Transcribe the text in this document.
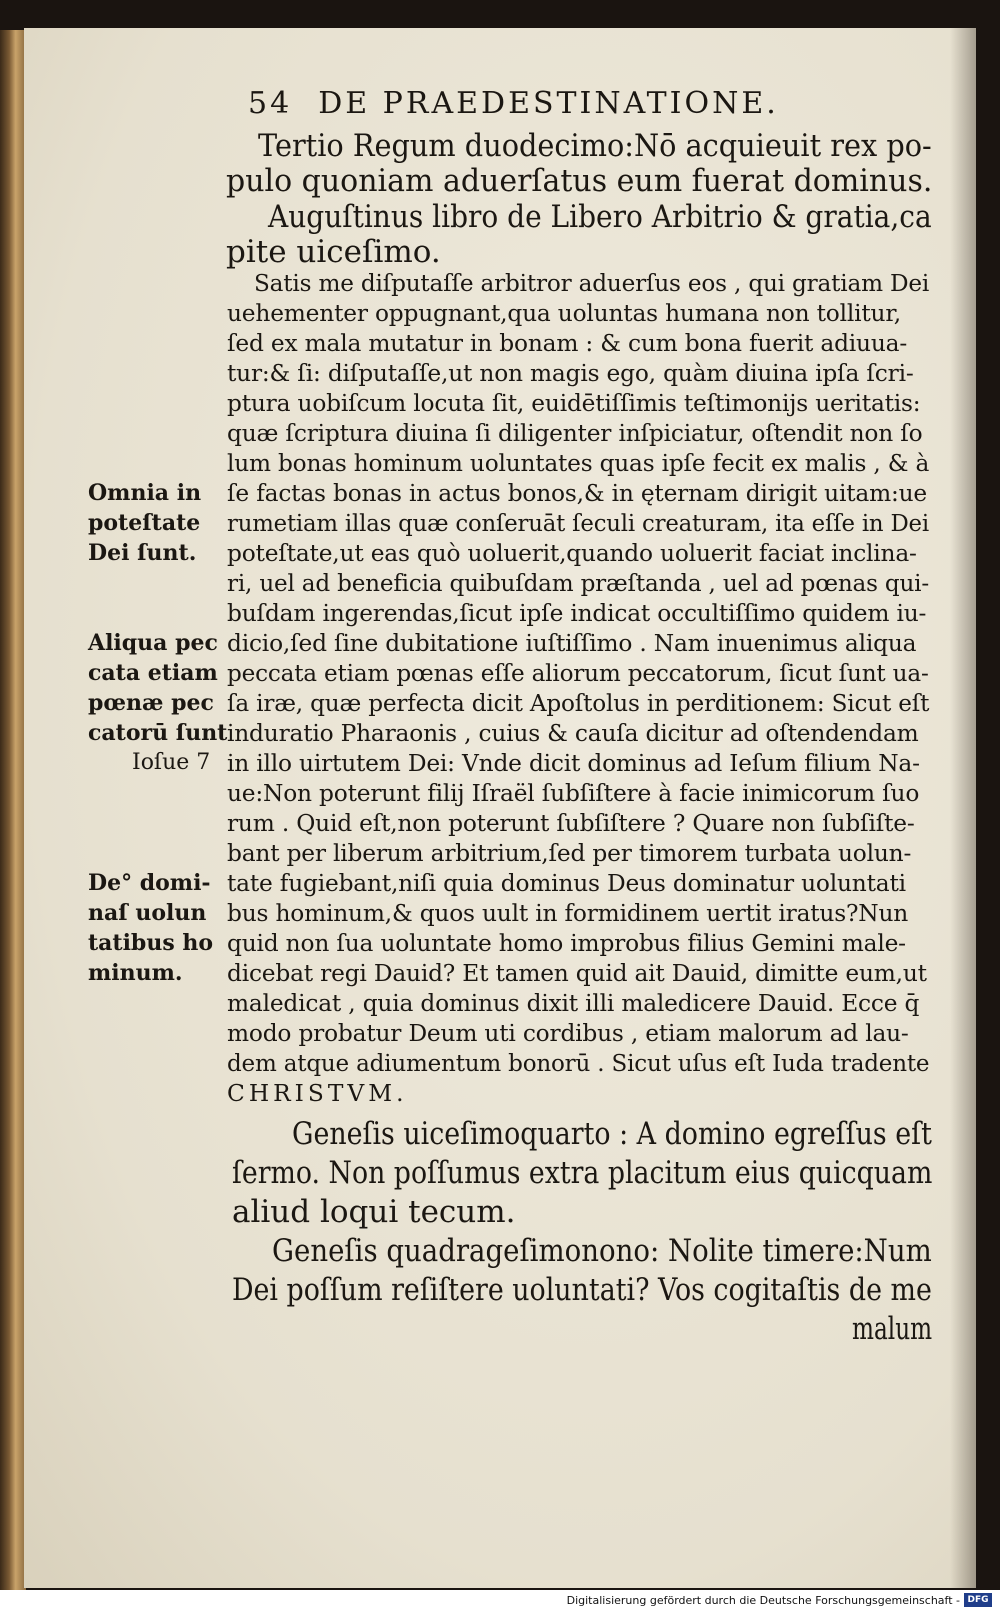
54 DE PRAEDESTINATIONE.
Tertio Regum duodecimo:Nō acquieuit rex po-
pulo quoniam aduerſatus eum fuerat dominus.
Auguſtinus libro de Libero Arbitrio & gratia,ca
pite uiceſimo.
Satis me diſputaſſe arbitror aduerſus eos , qui gratiam Dei
uehementer oppugnant,qua uoluntas humana non tollitur,
ſed ex mala mutatur in bonam : & cum bona fuerit adiuua-
tur:& ſi: diſputaſſe,ut non magis ego, quàm diuina ipſa ſcri-
ptura uobiſcum locuta ſit, euidētiſſimis teſtimonijs ueritatis:
quæ ſcriptura diuina ſi diligenter inſpiciatur, oſtendit non ſo
lum bonas hominum uoluntates quas ipſe fecit ex malis , & à
ſe factas bonas in actus bonos,& in ęternam dirigit uitam:ue
rumetiam illas quæ conſeruāt ſeculi creaturam, ita eſſe in Dei
poteſtate,ut eas quò uoluerit,quando uoluerit faciat inclina-
ri, uel ad beneficia quibuſdam præſtanda , uel ad pœnas qui-
buſdam ingerendas,ſicut ipſe indicat occultiſſimo quidem iu-
dicio,ſed ſine dubitatione iuſtiſſimo . Nam inuenimus aliqua
peccata etiam pœnas eſſe aliorum peccatorum, ſicut ſunt ua-
ſa iræ, quæ perfecta dicit Apoſtolus in perditionem: Sicut eſt
induratio Pharaonis , cuius & cauſa dicitur ad oſtendendam
in illo uirtutem Dei: Vnde dicit dominus ad Ieſum filium Na-
ue:Non poterunt filij Iſraël ſubſiſtere à facie inimicorum ſuo
rum . Quid eſt,non poterunt ſubſiſtere ? Quare non ſubſiſte-
bant per liberum arbitrium,ſed per timorem turbata uolun-
tate fugiebant,niſi quia dominus Deus dominatur uoluntati
bus hominum,& quos uult in formidinem uertit iratus?Nun
quid non ſua uoluntate homo improbus filius Gemini male-
dicebat regi Dauid? Et tamen quid ait Dauid, dimitte eum,ut
maledicat , quia dominus dixit illi maledicere Dauid. Ecce q̄
modo probatur Deum uti cordibus , etiam malorum ad lau-
dem atque adiumentum bonorū . Sicut uſus eſt Iuda tradente
CHRISTVM.
Geneſis uiceſimoquarto : A domino egreſſus eſt
ſermo. Non poſſumus extra placitum eius quicquam
aliud loqui tecum.
Geneſis quadrageſimonono: Nolite timere:Num
Dei poſſum reſiſtere uoluntati? Vos cogitaſtis de me
malum
Omnia in
poteſtate
Dei ſunt.
Aliqua pec
cata etiam
pœnæ pec
catorū ſunt
Ioſue 7
De° domi-
naſ uolun
tatibus ho
minum.
Digitalisierung gefördert durch die Deutsche Forschungsgemeinschaft - DFG
